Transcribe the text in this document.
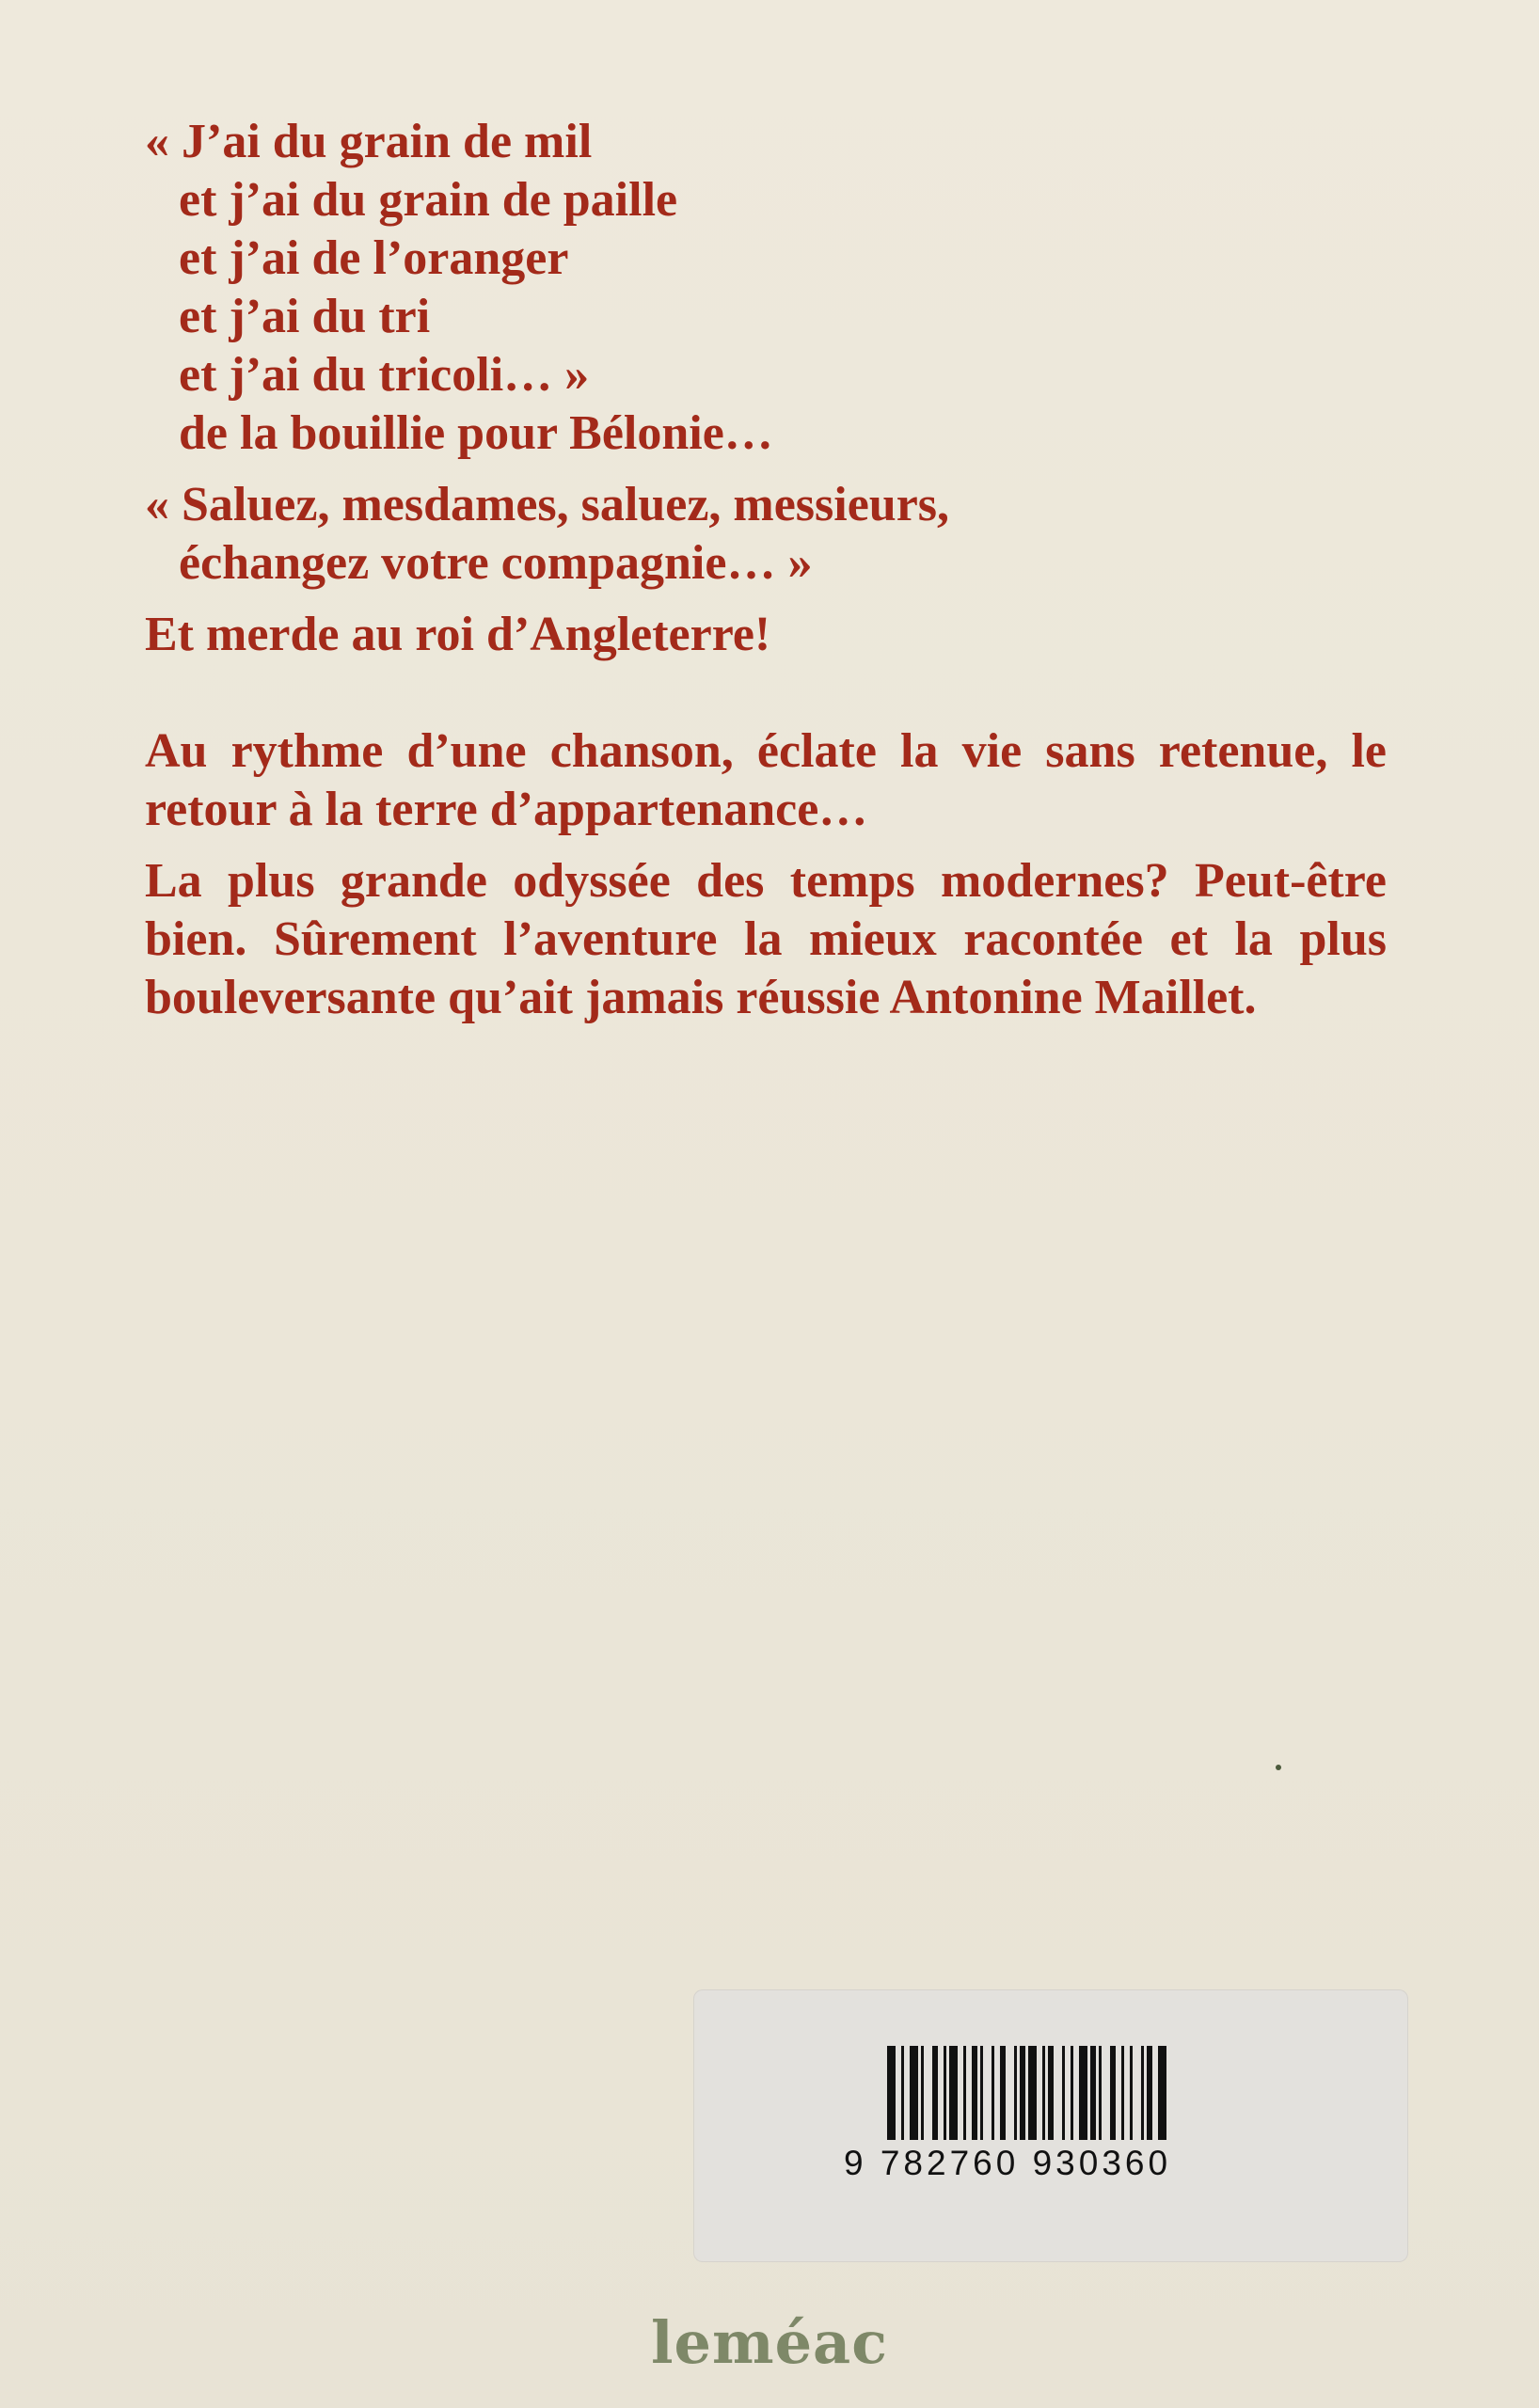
« J’ai du grain de mil
et j’ai du grain de paille
et j’ai de l’oranger
et j’ai du tri
et j’ai du tricoli… »
de la bouillie pour Bélonie…
« Saluez, mesdames, saluez, messieurs,
échangez votre compagnie… »
Et merde au roi d’Angleterre!
Au rythme d’une chanson, éclate la vie sans retenue, le retour à la terre d’appartenance…
La plus grande odyssée des temps modernes? Peut-être bien. Sûrement l’aventure la mieux racontée et la plus bouleversante qu’ait jamais réussie Antonine Maillet.
9 782760 930360
leméac
